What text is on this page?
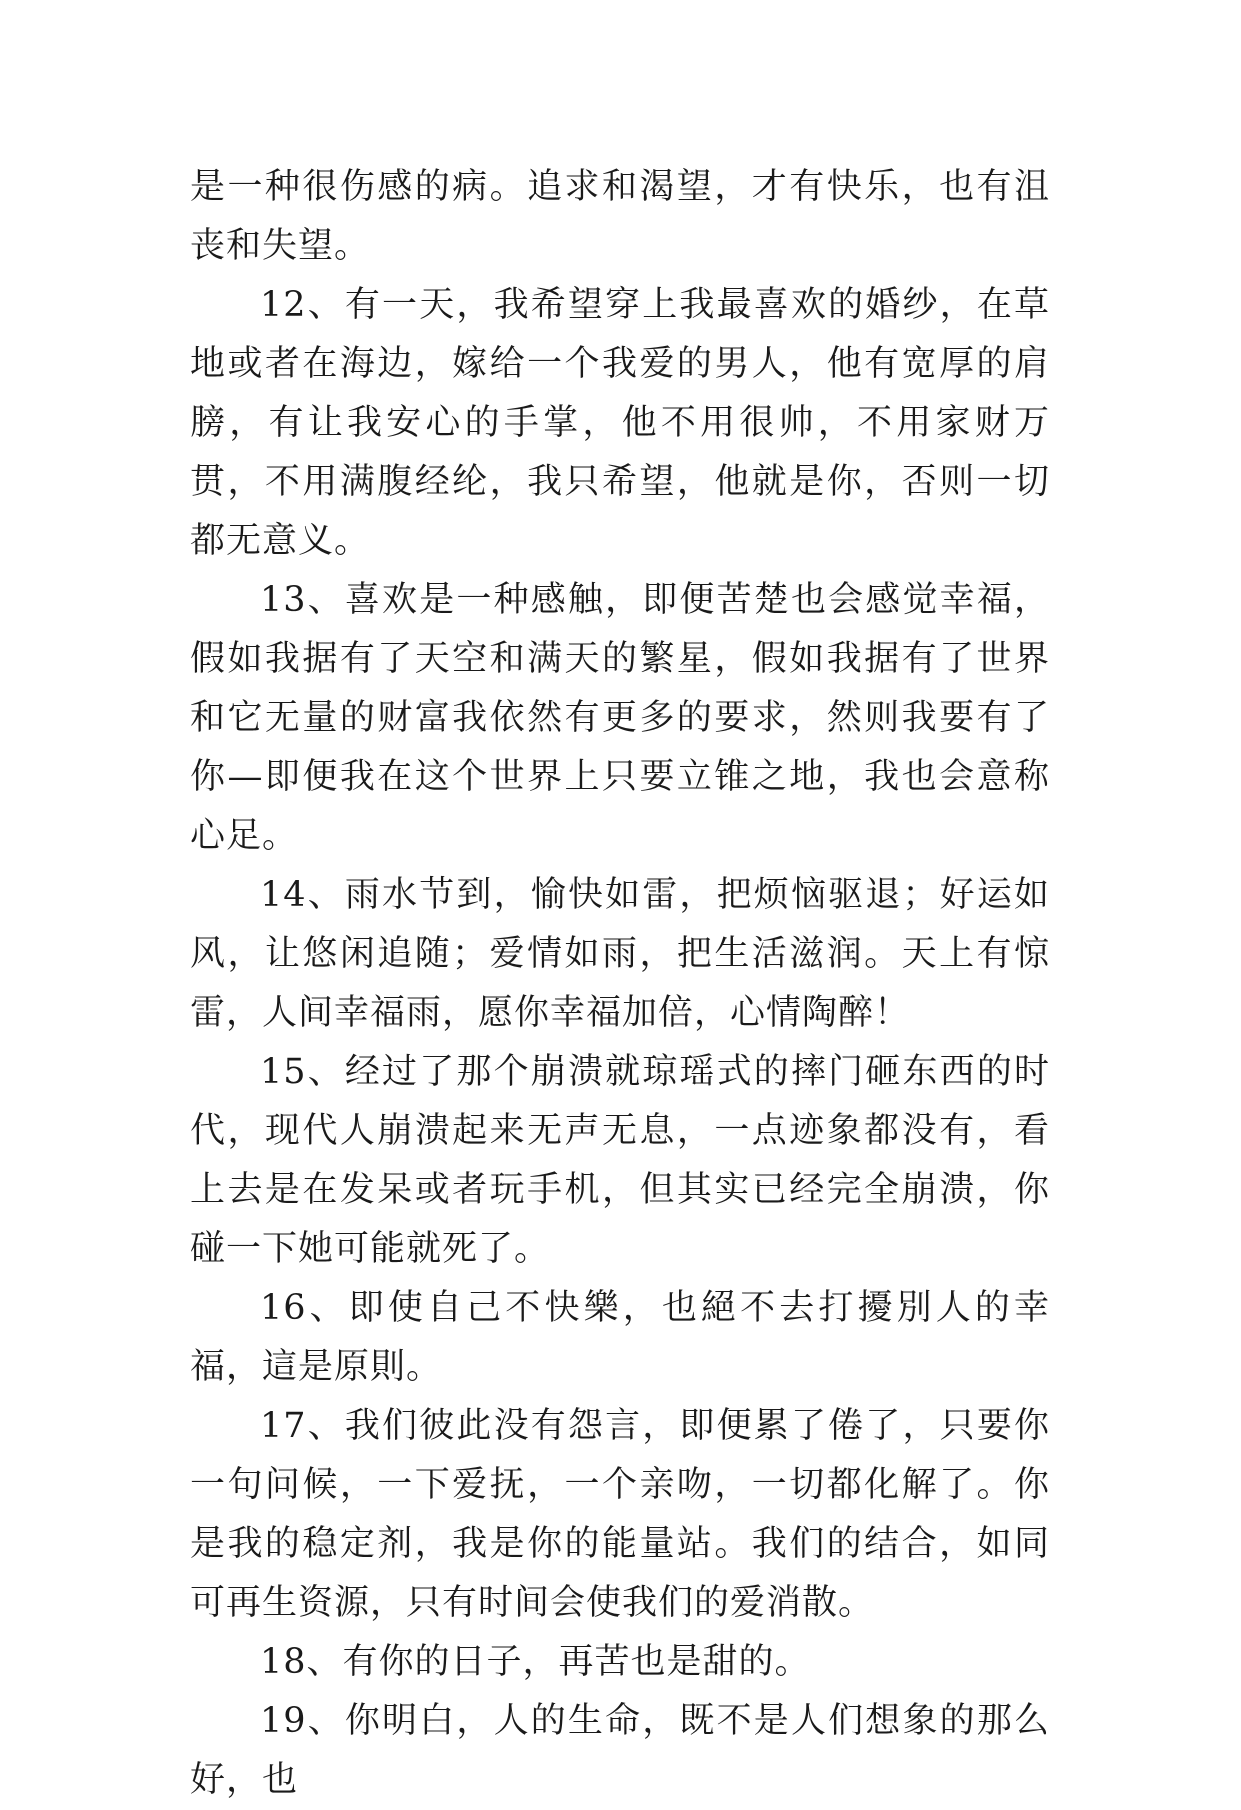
是一种很伤感的病。追求和渴望，才有快乐，也有沮丧和失望。

12、有一天，我希望穿上我最喜欢的婚纱，在草地或者在海边，嫁给一个我爱的男人，他有宽厚的肩膀，有让我安心的手掌，他不用很帅，不用家财万贯，不用满腹经纶，我只希望，他就是你，否则一切都无意义。

13、喜欢是一种感触，即便苦楚也会感觉幸福，假如我据有了天空和满天的繁星，假如我据有了世界和它无量的财富我依然有更多的要求，然则我要有了你—即便我在这个世界上只要立锥之地，我也会意称心足。

14、雨水节到，愉快如雷，把烦恼驱退；好运如风，让悠闲追随；爱情如雨，把生活滋润。天上有惊雷，人间幸福雨，愿你幸福加倍，心情陶醉！

15、经过了那个崩溃就琼瑶式的摔门砸东西的时代，现代人崩溃起来无声无息，一点迹象都没有，看上去是在发呆或者玩手机，但其实已经完全崩溃，你碰一下她可能就死了。

16、即使自己不快樂，也絕不去打擾別人的幸福，這是原則。

17、我们彼此没有怨言，即便累了倦了，只要你一句问候，一下爱抚，一个亲吻，一切都化解了。你是我的稳定剂，我是你的能量站。我们的结合，如同可再生资源，只有时间会使我们的爱消散。

18、有你的日子，再苦也是甜的。

19、你明白，人的生命，既不是人们想象的那么好，也
